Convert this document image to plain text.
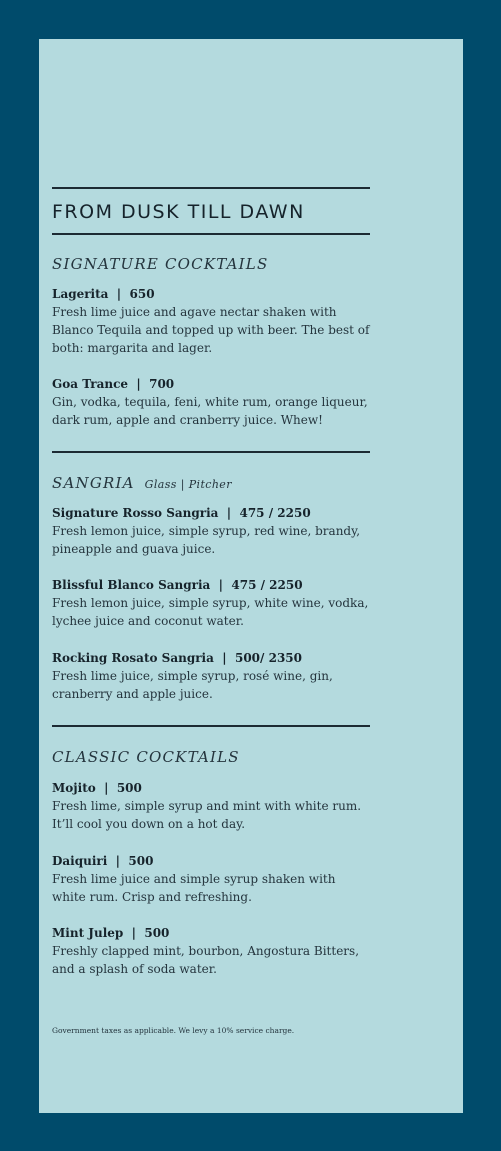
FROM DUSK TILL DAWN
SIGNATURE COCKTAILS
Lagerita  |  650
Fresh lime juice and agave nectar shaken with Blanco Tequila and topped up with beer. The best of both: margarita and lager.
Goa Trance  |  700
Gin, vodka, tequila, feni, white rum, orange liqueur, dark rum, apple and cranberry juice. Whew!
SANGRIA Glass | Pitcher
Signature Rosso Sangria  |  475 / 2250
Fresh lemon juice, simple syrup, red wine, brandy, pineapple and guava juice.
Blissful Blanco Sangria  |  475 / 2250
Fresh lemon juice, simple syrup, white wine, vodka, lychee juice and coconut water.
Rocking Rosato Sangria  |  500/ 2350
Fresh lime juice, simple syrup, rosé wine, gin, cranberry and apple juice.
CLASSIC COCKTAILS
Mojito  |  500
Fresh lime, simple syrup and mint with white rum. It’ll cool you down on a hot day.
Daiquiri  |  500
Fresh lime juice and simple syrup shaken with white rum. Crisp and refreshing.
Mint Julep  |  500
Freshly clapped mint, bourbon, Angostura Bitters, and a splash of soda water.
Government taxes as applicable. We levy a 10% service charge.
